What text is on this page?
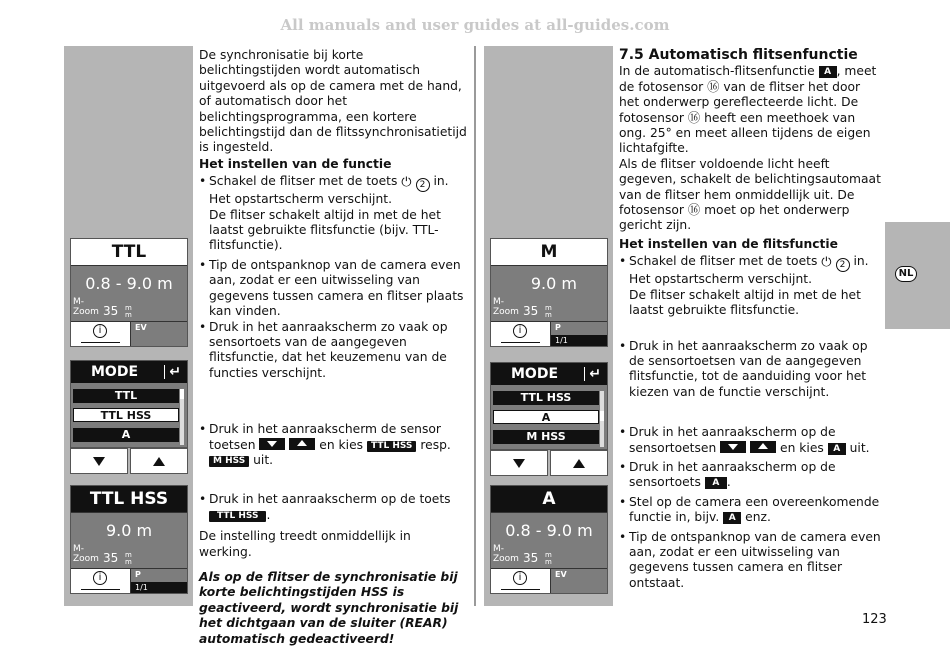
All manuals and user guides at all-guides.com
NL
TTL
0.8 - 9.0 m
M-
Zoom 35 m
m
i	EV
MODE ↵
TTL
TTL HSS
A
TTL HSS
9.0 m
M-
Zoom 35 m
m
i	P
1/1

De synchronisatie bij korte belichtingstijden wordt automatisch uitgevoerd als op de camera met de hand, of automatisch door het belichtingsprogramma, een kortere belichtingstijd dan de flitssynchronisatietijd is ingesteld.

Het instellen van de functie

• Schakel de flitser met de toets ⏻ 2 in.
Het opstartscherm verschijnt.
De flitser schakelt altijd in met de het laatst gebruikte flitsfunctie (bijv. TTL-flitsfunctie).
• Tip de ontspanknop van de camera even aan, zodat er een uitwisseling van gegevens tussen camera en flitser plaats kan vinden.
• Druk in het aanraakscherm zo vaak op sensortoets van de aangegeven flitsfunctie, dat het keuzemenu van de functies verschijnt.
• Druk in het aanraakscherm de sensor toetsen	en kies TTL HSS resp.
M HSS uit.
• Druk in het aanraakscherm op de toets
TTL HSS .

De instelling treedt onmiddellijk in werking.

Als op de flitser de synchronisatie bij korte belichtingstijden HSS is geactiveerd, wordt synchronisatie bij het dichtgaan van de sluiter (REAR) automatisch gedeactiveerd!

M
9.0 m
M-
Zoom 35 m
m
i	P
1/1
MODE ↵
TTL HSS
A
M HSS
A
0.8 - 9.0 m
M-
Zoom 35 m
m
i	EV

7.5 Automatisch flitsenfunctie

In de automatisch-flitsenfunctie A , meet de fotosensor ⑯ van de flitser het door het onderwerp gereflecteerde licht. De fotosensor ⑯ heeft een meethoek van ong. 25° en meet alleen tijdens de eigen lichtafgifte.
Als de flitser voldoende licht heeft gegeven, schakelt de belichtingsautomaat van de flitser hem onmiddellijk uit. De fotosensor ⑯ moet op het onderwerp gericht zijn.

Het instellen van de flitsfunctie

• Schakel de flitser met de toets ⏻ 2 in.
Het opstartscherm verschijnt.
De flitser schakelt altijd in met de het laatst gebruikte flitsfunctie.
• Druk in het aanraakscherm zo vaak op de sensortoetsen van de aangegeven flitsfunctie, tot de aanduiding voor het kiezen van de functie verschijnt.
• Druk in het aanraakscherm op de sensortoetsen	en kies A uit.
• Druk in het aanraakscherm op de sensortoets A .
• Stel op de camera een overeenkomende functie in, bijv. A enz.
• Tip de ontspanknop van de camera even aan, zodat er een uitwisseling van gegevens tussen camera en flitser ontstaat.
123
